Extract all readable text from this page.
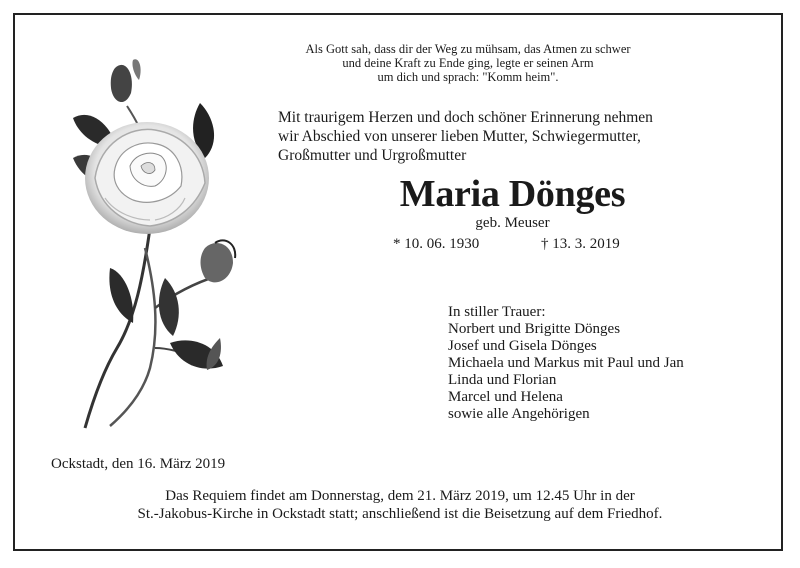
Als Gott sah, dass dir der Weg zu mühsam, das Atmen zu schwer
und deine Kraft zu Ende ging, legte er seinen Arm
um dich und sprach: "Komm heim".
Mit traurigem Herzen und doch schöner Erinnerung nehmen
wir Abschied von unserer lieben Mutter, Schwiegermutter,
Großmutter und Urgroßmutter
Maria Dönges
geb. Meuser
* 10. 06. 1930	† 13. 3. 2019
In stiller Trauer:
Norbert und Brigitte Dönges
Josef und Gisela Dönges
Michaela und Markus mit Paul und Jan
Linda und Florian
Marcel und Helena
sowie alle Angehörigen
Ockstadt, den 16. März 2019
Das Requiem findet am Donnerstag, dem 21. März 2019, um 12.45 Uhr in der
St.-Jakobus-Kirche in Ockstadt statt; anschließend ist die Beisetzung auf dem Friedhof.
